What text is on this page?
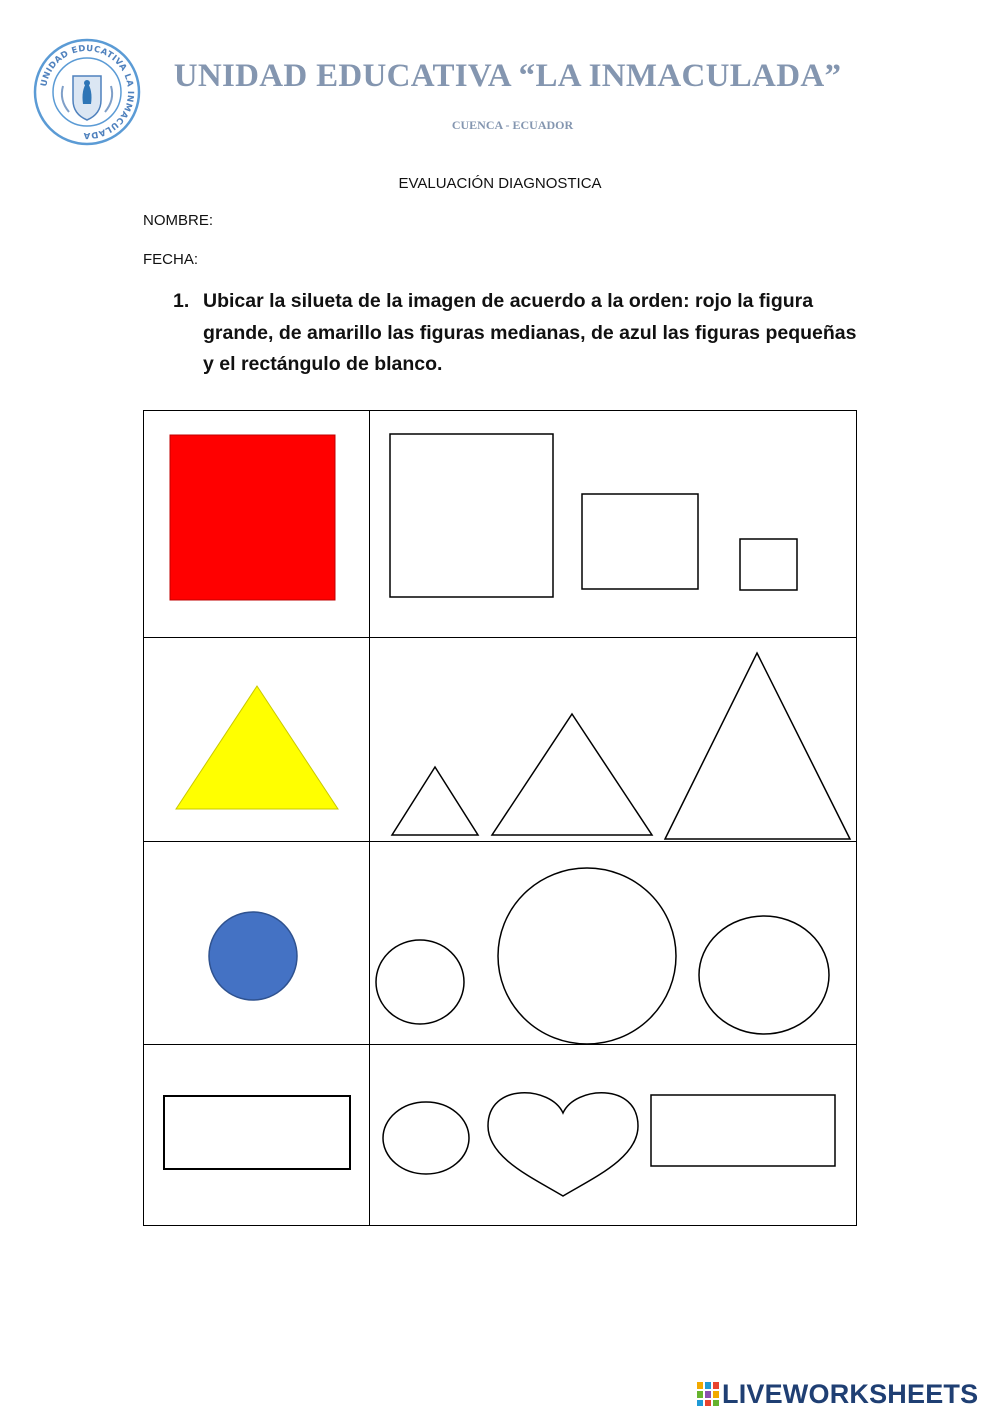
UNIDAD EDUCATIVA LA INMACULADA
UNIDAD EDUCATIVA “LA INMACULADA”
CUENCA - ECUADOR
EVALUACIÓN DIAGNOSTICA
NOMBRE:
FECHA:
1. Ubicar la silueta de la imagen de acuerdo a la orden: rojo la figura grande, de amarillo las figuras medianas, de azul las figuras pequeñas y el rectángulo de blanco.
LIVEWORKSHEETS
